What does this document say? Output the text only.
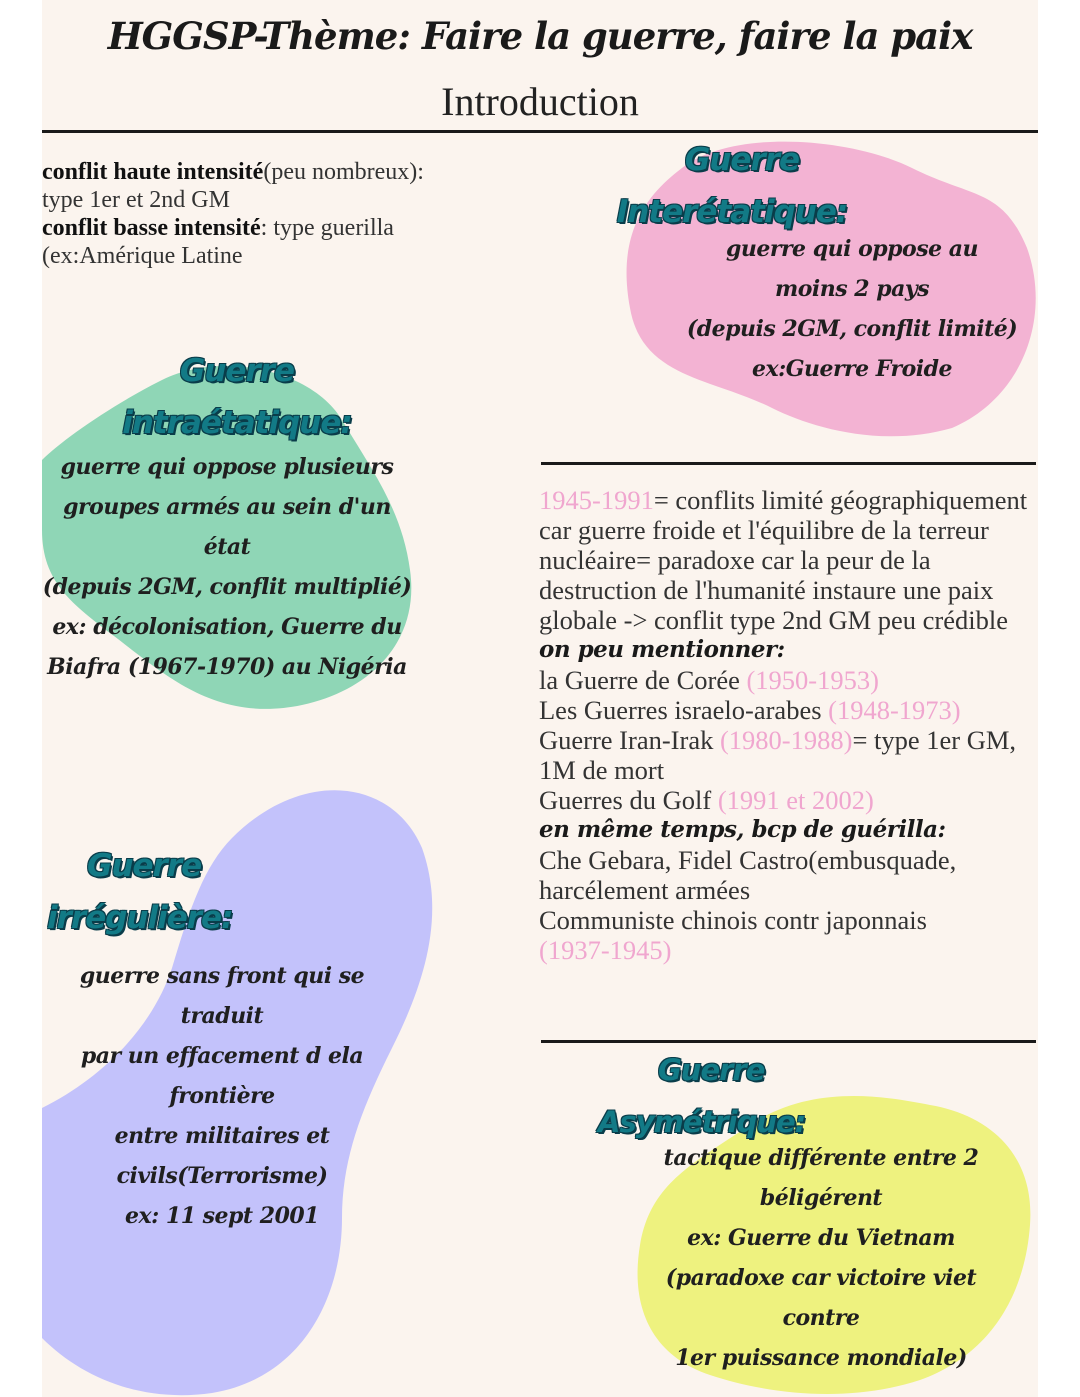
HGGSP-Thème: Faire la guerre, faire la paix
Introduction
conflit haute intensité(peu nombreux): type 1er et 2nd GM
conflit basse intensité: type guerilla (ex:Amérique Latine
Guerre
Interétatique:
guerre qui oppose au
moins 2 pays
(depuis 2GM, conflit limité)
ex:Guerre Froide
Guerre
intraétatique:
guerre qui oppose plusieurs
groupes armés au sein d'un état
(depuis 2GM, conflit multiplié)
ex: décolonisation, Guerre du
Biafra (1967-1970) au Nigéria
Guerre
irrégulière:
guerre sans front qui se traduit
par un effacement d ela frontière
entre militaires et
civils(Terrorisme)
ex: 11 sept 2001
1945-1991= conflits limité géographiquement car guerre froide et l'équilibre de la terreur nucléaire= paradoxe car la peur de la destruction de l'humanité instaure une paix globale -> conflit type 2nd GM peu crédible
on peu mentionner:
la Guerre de Corée (1950-1953)
Les Guerres israelo-arabes (1948-1973)
Guerre Iran-Irak (1980-1988)= type 1er GM, 1M de mort
Guerres du Golf (1991 et 2002)
en même temps, bcp de guérilla:
Che Gebara, Fidel Castro(embusquade, harcélement armées
Communiste chinois contr japonnais
(1937-1945)
Guerre
Asymétrique:
tactique différente entre 2
béligérent
ex: Guerre du Vietnam
(paradoxe car victoire viet contre
1er puissance mondiale)
